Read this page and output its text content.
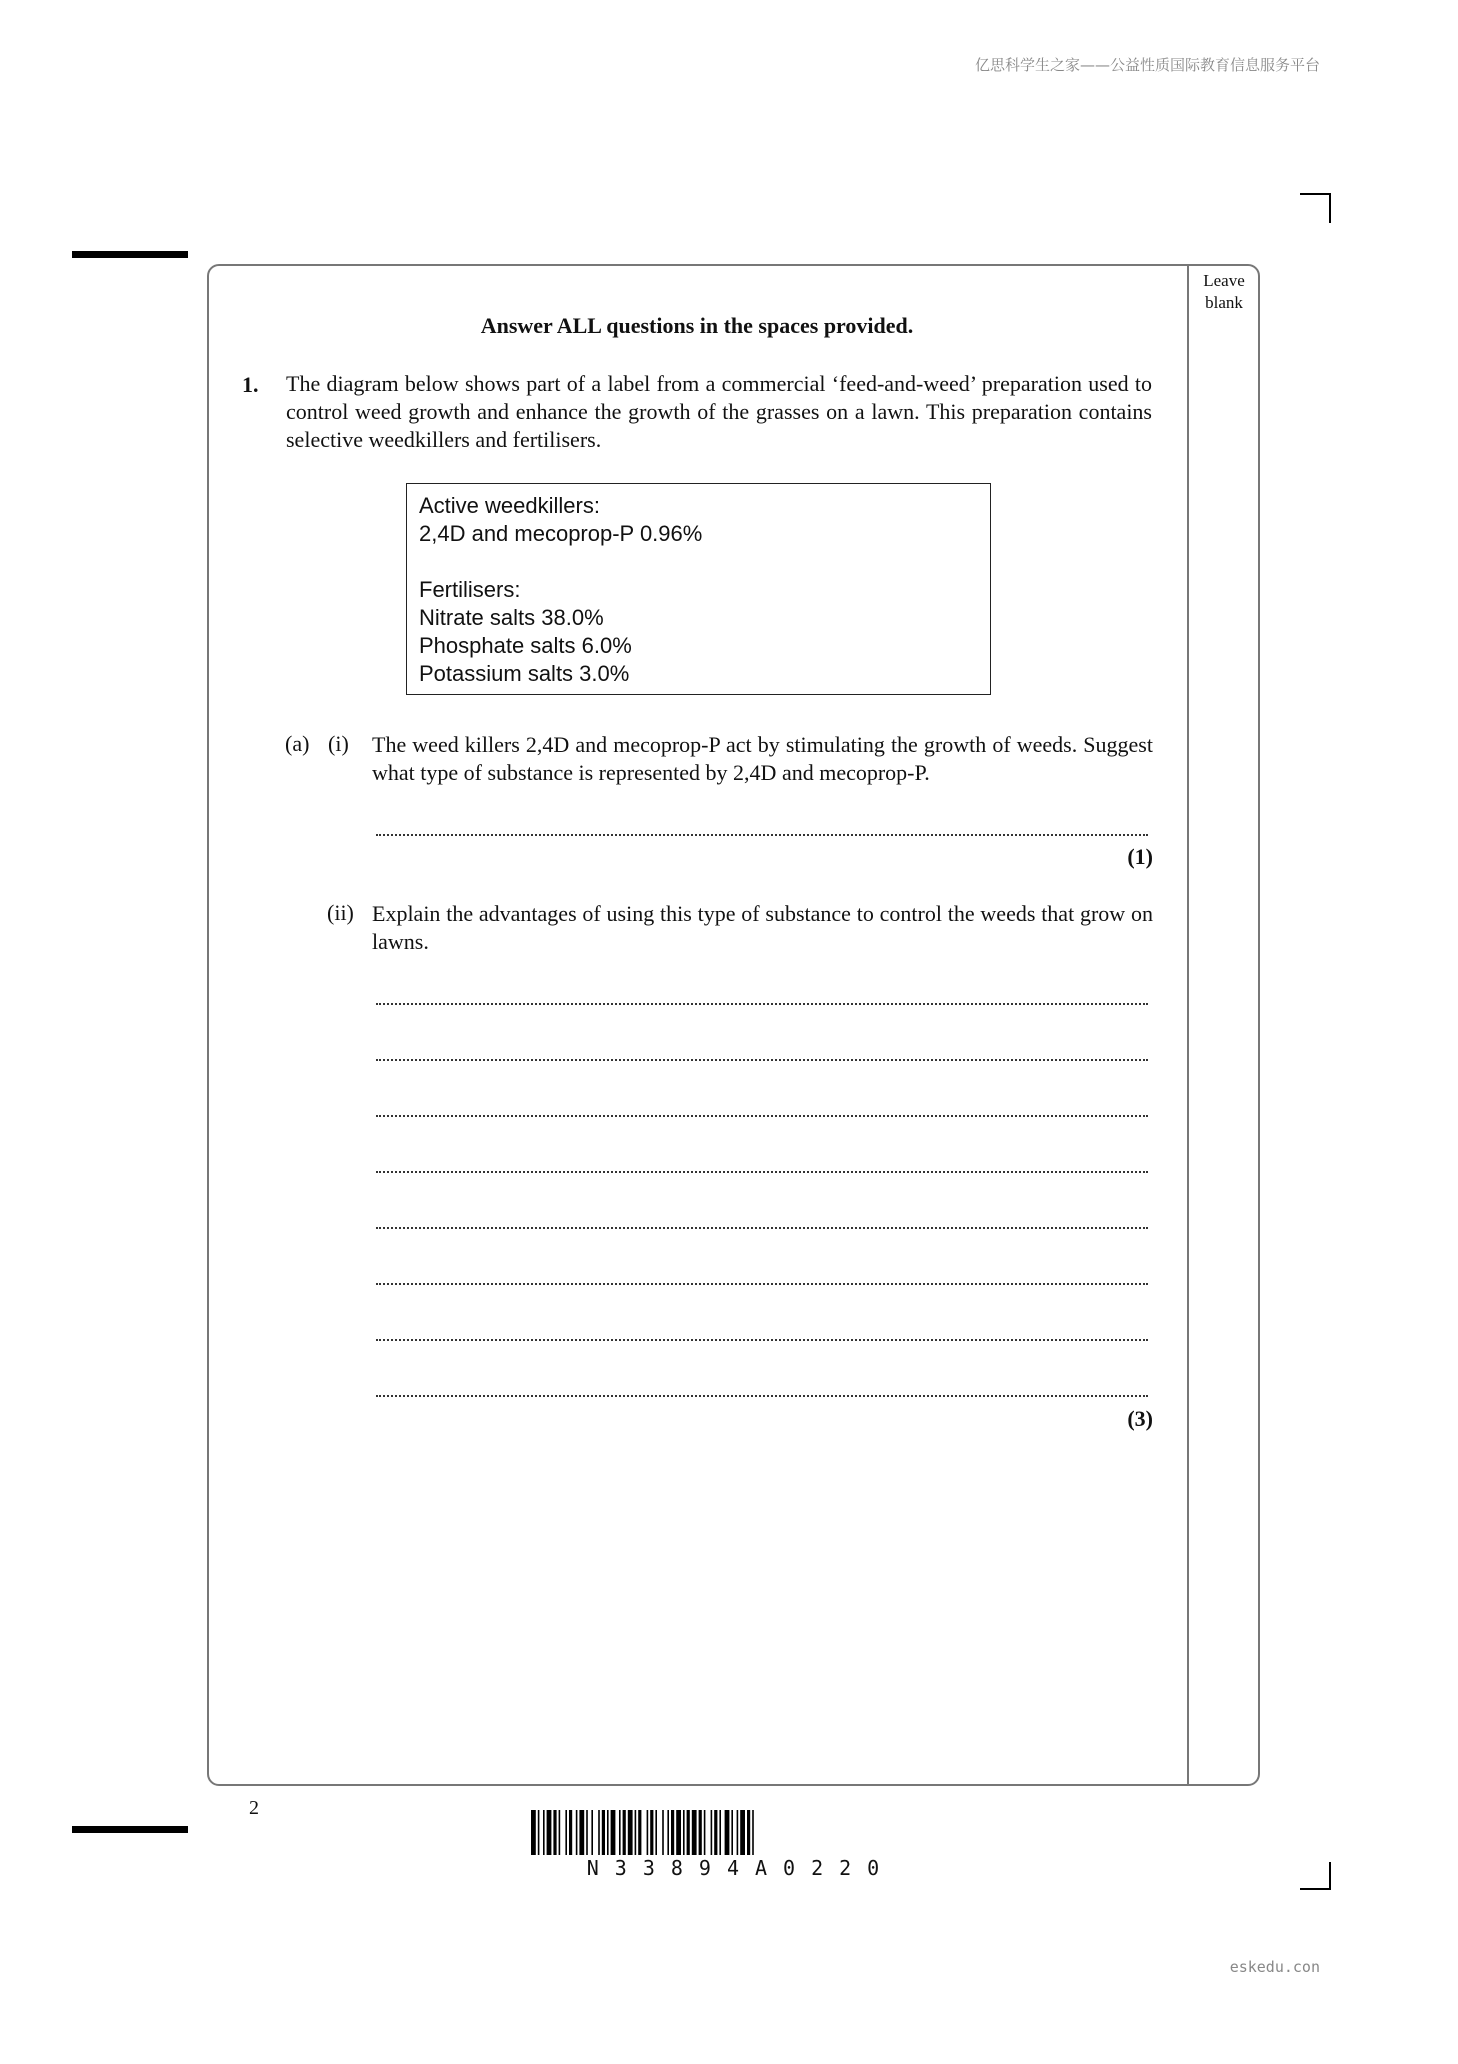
亿思科学生之家——公益性质国际教育信息服务平台
Leave
blank
Answer ALL questions in the spaces provided.
1. The diagram below shows part of a label from a commercial ‘feed-and-weed’ preparation used to control weed growth and enhance the growth of the grasses on a lawn. This preparation contains selective weedkillers and fertilisers.
Active weedkillers:
2,4D and mecoprop-P 0.96%
Fertilisers:
Nitrate salts 38.0%
Phosphate salts 6.0%
Potassium salts 3.0%
(a) (i) The weed killers 2,4D and mecoprop-P act by stimulating the growth of weeds. Suggest what type of substance is represented by 2,4D and mecoprop-P.
(1)
(ii) Explain the advantages of using this type of substance to control the weeds that grow on lawns.
(3)
2
N33894A0220
eskedu.con
